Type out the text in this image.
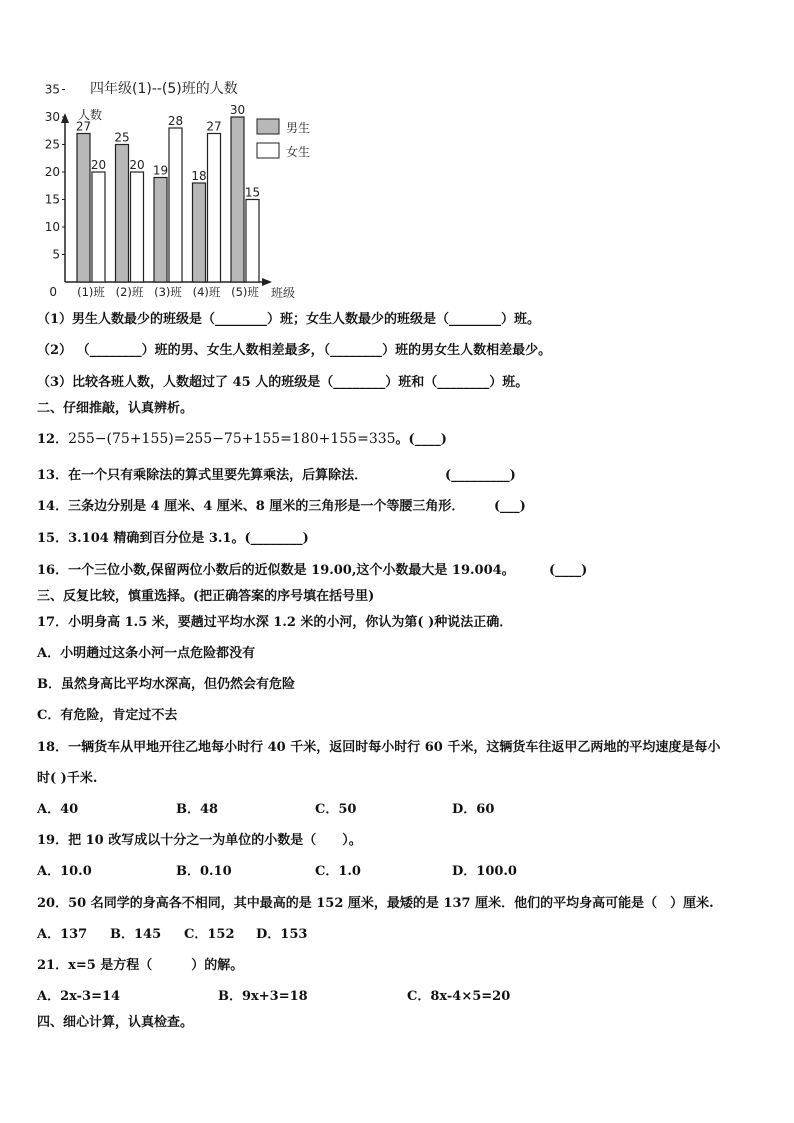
四年级(1)--(5)班的人数
人数
班级
0
5
10
15
20
25
30
35
27
20
(1)班
25
20
(2)班
19
28
(3)班
18
27
(4)班
30
15
(5)班
男生
女生
（1）男生人数最少的班级是（________）班；女生人数最少的班级是（________）班。
（2） （________）班的男、女生人数相差最多，（________）班的男女生人数相差最少。
（3）比较各班人数，人数超过了 45 人的班级是（________）班和（________）班。
二、仔细推敲，认真辨析。
12．255−(75+155)=255−75+155=180+155=335。(____)
13．在一个只有乘除法的算式里要先算乘法，后算除法．	(_________)
14．三条边分别是 4 厘米、4 厘米、8 厘米的三角形是一个等腰三角形． (___)
15．3.104 精确到百分位是 3.1。(________)
16．一个三位小数,保留两位小数后的近似数是 19.00,这个小数最大是 19.004。	(____)
三、反复比较，慎重选择。(把正确答案的序号填在括号里)
17．小明身高 1.5 米，要趟过平均水深 1.2 米的小河，你认为第( )种说法正确．
A．小明趟过这条小河一点危险都没有
B．虽然身高比平均水深高，但仍然会有危险
C．有危险，肯定过不去
18．一辆货车从甲地开往乙地每小时行 40 千米，返回时每小时行 60 千米，这辆货车往返甲乙两地的平均速度是每小
时( )千米.
A．40	B．48	C．50	D．60
19．把 10 改写成以十分之一为单位的小数是（　　）。
A．10.0	B．0.10	C．1.0	D．100.0
20．50 名同学的身高各不相同，其中最高的是 152 厘米，最矮的是 137 厘米．他们的平均身高可能是（　）厘米.
A．137 B．145 C．152 D．153
21．x=5 是方程（　　　）的解。
A．2x-3=14	B．9x+3=18	C．8x-4×5=20
四、细心计算，认真检查。
